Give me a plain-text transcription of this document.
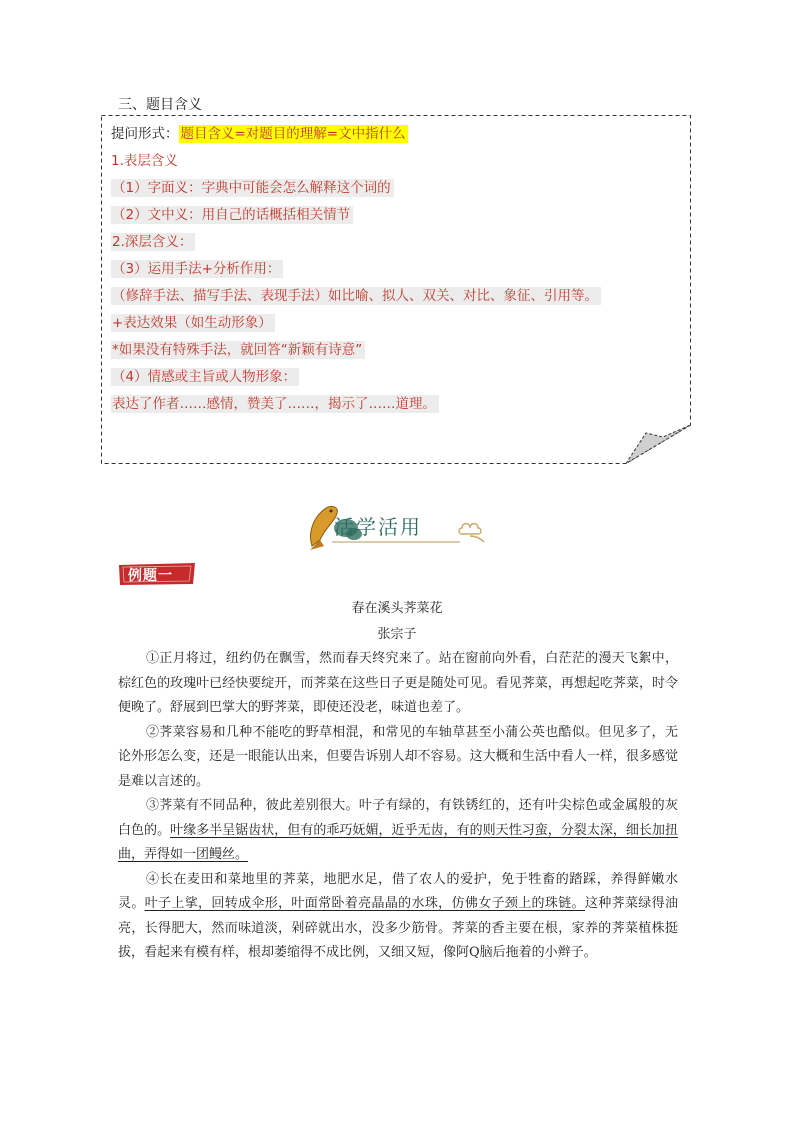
三、题目含义

提问形式： 题目含义=对题目的理解=文中指什么

1.表层含义

（1）字面义：字典中可能会怎么解释这个词的

（2）文中义：用自己的话概括相关情节

2.深层含义：

（3）运用手法+分析作用：

（修辞手法、描写手法、表现手法）如比喻、拟人、双关、对比、象征、引用等。

+表达效果（如生动形象）

*如果没有特殊手法，就回答“新颖有诗意”

（4）情感或主旨或人物形象：

表达了作者……感情，赞美了……，揭示了……道理。

活学活用
例题一
春在溪头荠菜花
张宗子

①正月将过，纽约仍在飘雪，然而春天终究来了。站在窗前向外看，白茫茫的漫天飞絮中，棕红色的玫瑰叶已经快要绽开，而荠菜在这些日子更是随处可见。看见荠菜，再想起吃荠菜，时令便晚了。舒展到巴掌大的野荠菜，即使还没老，味道也差了。

②荠菜容易和几种不能吃的野草相混，和常见的车轴草甚至小蒲公英也酷似。但见多了，无论外形怎么变，还是一眼能认出来，但要告诉别人却不容易。这大概和生活中看人一样，很多感觉是难以言述的。

③荠菜有不同品种，彼此差别很大。叶子有绿的，有铁锈红的，还有叶尖棕色或金属般的灰白色的。叶缘多半呈锯齿状，但有的乖巧妩媚，近乎无齿，有的则天性习蛮，分裂太深，细长加扭曲，弄得如一团鳗丝。

④长在麦田和菜地里的荠菜，地肥水足，借了农人的爱护，免于牲畜的踏踩，养得鲜嫩水灵。叶子上挲，回转成伞形，叶面常卧着亮晶晶的水珠，仿佛女子颈上的珠链。这种荠菜绿得油亮，长得肥大，然而味道淡，剁碎就出水，没多少筋骨。荠菜的香主要在根，家养的荠菜植株挺拔，看起来有模有样，根却萎缩得不成比例，又细又短，像阿Q脑后拖着的小辫子。
